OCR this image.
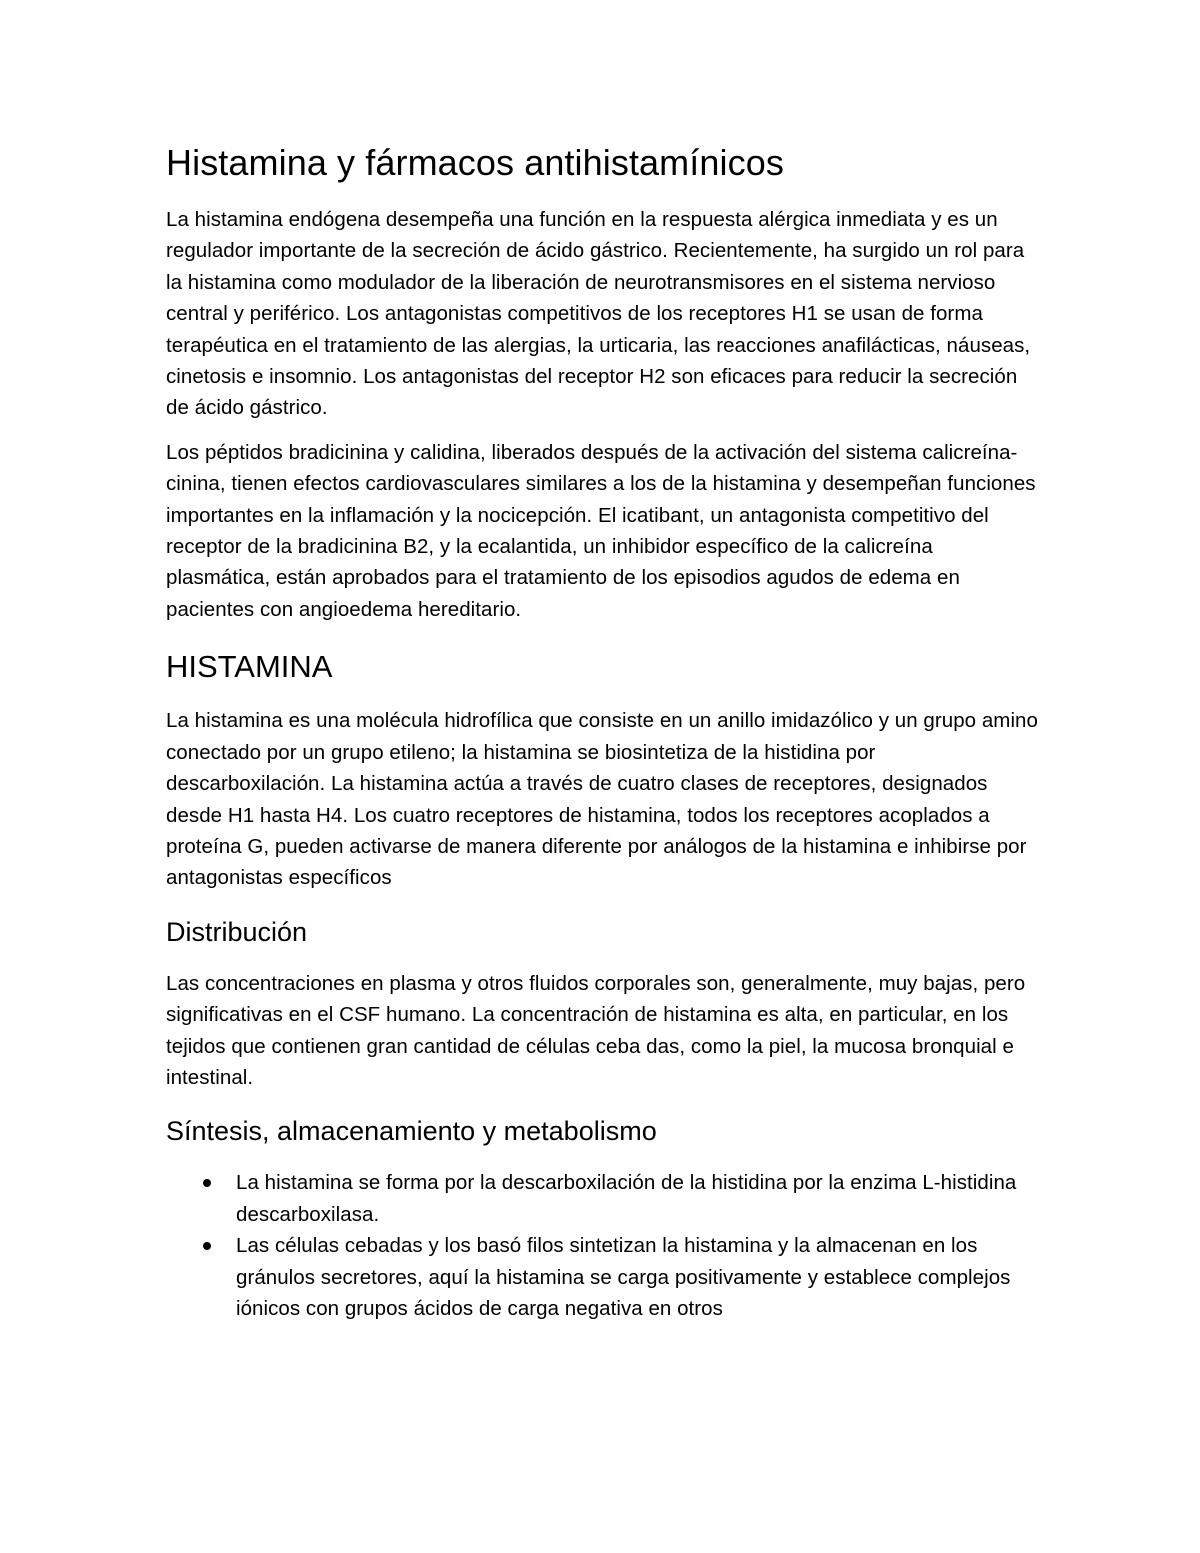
Histamina y fármacos antihistamínicos

La histamina endógena desempeña una función en la respuesta alérgica inmediata y es un regulador importante de la secreción de ácido gástrico. Recientemente, ha surgido un rol para la histamina como modulador de la liberación de neurotransmisores en el sistema nervioso central y periférico. Los antagonistas competitivos de los receptores H1 se usan de forma terapéutica en el tratamiento de las alergias, la urticaria, las reacciones anafilácticas, náuseas, cinetosis e insomnio. Los antagonistas del receptor H2 son eficaces para reducir la secreción de ácido gástrico.

Los péptidos bradicinina y calidina, liberados después de la activación del sistema calicreína-cinina, tienen efectos cardiovasculares similares a los de la histamina y desempeñan funciones importantes en la inflamación y la nocicepción. El icatibant, un antagonista competitivo del receptor de la bradicinina B2, y la ecalantida, un inhibidor específico de la calicreína plasmática, están aprobados para el tratamiento de los episodios agudos de edema en pacientes con angioedema hereditario.

HISTAMINA

La histamina es una molécula hidrofílica que consiste en un anillo imidazólico y un grupo amino conectado por un grupo etileno; la histamina se biosintetiza de la histidina por descarboxilación. La histamina actúa a través de cuatro clases de receptores, designados desde H1 hasta H4. Los cuatro receptores de histamina, todos los receptores acoplados a proteína G, pueden activarse de manera diferente por análogos de la histamina e inhibirse por antagonistas específicos

Distribución

Las concentraciones en plasma y otros fluidos corporales son, generalmente, muy bajas, pero significativas en el CSF humano. La concentración de histamina es alta, en particular, en los tejidos que contienen gran cantidad de células ceba das, como la piel, la mucosa bronquial e intestinal.

Síntesis, almacenamiento y metabolismo
La histamina se forma por la descarboxilación de la histidina por la enzima L-histidina descarboxilasa.
Las células cebadas y los basó filos sintetizan la histamina y la almacenan en los gránulos secretores, aquí la histamina se carga positivamente y establece complejos iónicos con grupos ácidos de carga negativa en otros
